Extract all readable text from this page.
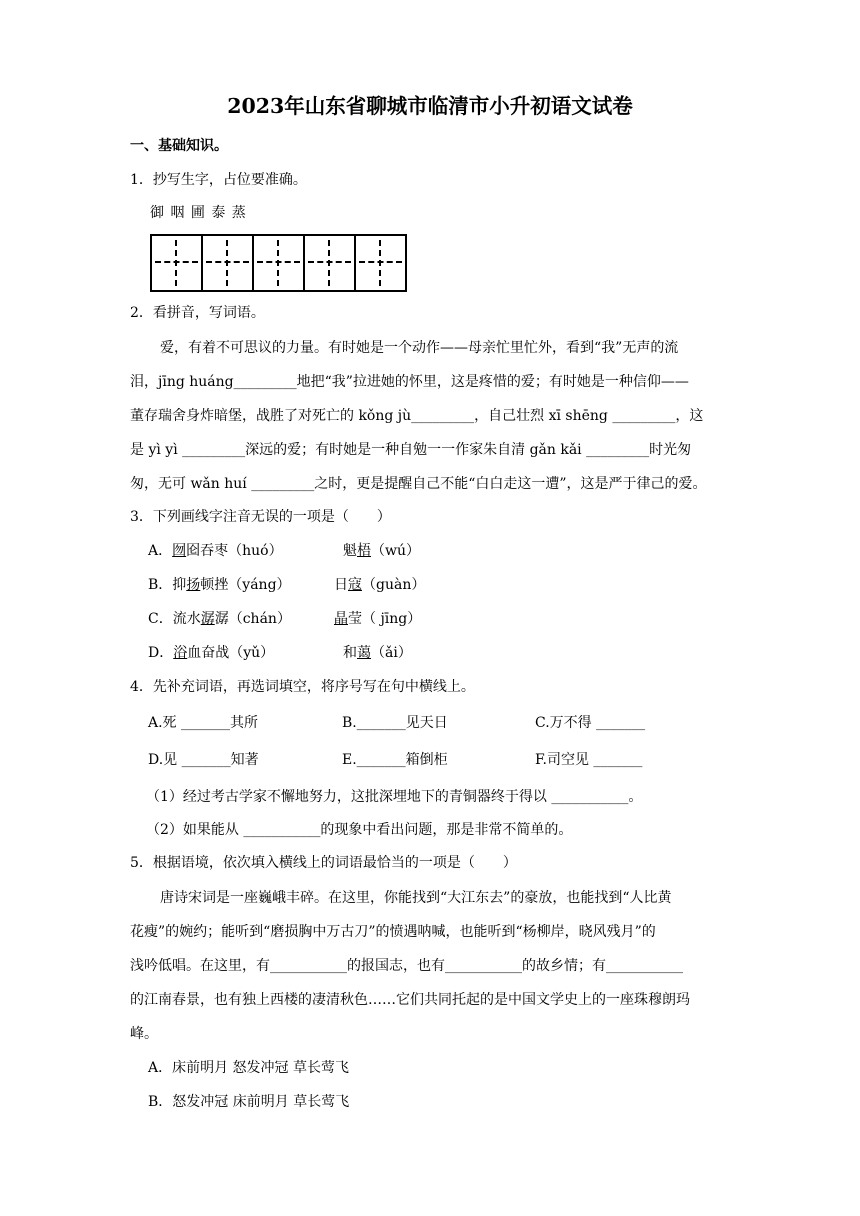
2023年山东省聊城市临清市小升初语文试卷
一、基础知识。
1．抄写生字，占位要准确。
御 咽 圃 泰 蒸

2．看拼音，写词语。
爱，有着不可思议的力量。有时她是一个动作——母亲忙里忙外，看到“我”无声的流
泪，jīng huáng_________地把“我”拉进她的怀里，这是疼惜的爱；有时她是一种信仰——
董存瑞舍身炸暗堡，战胜了对死亡的 kǒng jù_________，自己壮烈 xī shēng _________，这
是 yì yì _________深远的爱；有时她是一种自勉一一作家朱自清 gǎn kǎi _________时光匆
匆，无可 wǎn huí _________之时，更是提醒自己不能“白白走这一遭”，这是严于律己的爱。
3．下列画线字注音无误的一项是（　　）
A．囫囵吞枣（huó）	魁梧（wú）
B．抑扬顿挫（yáng）	日寇（guàn）
C．流水潺潺（chán）	晶莹（ jīng）
D．浴血奋战（yǔ）	和蔼（ǎi）
4．先补充词语，再选词填空，将序号写在句中横线上。
A.死 _______其所	B._______见天日	C.万不得 _______
D.见 _______知著	E._______箱倒柜	F.司空见 _______
（1）经过考古学家不懈地努力，这批深埋地下的青铜器终于得以 ___________。
（2）如果能从 ___________的现象中看出问题，那是非常不简单的。
5．根据语境，依次填入横线上的词语最恰当的一项是（　　）
唐诗宋词是一座巍峨丰碎。在这里，你能找到“大江东去”的豪放，也能找到“人比黄
花瘦”的婉约；能听到“磨损胸中万古刀”的愤遇呐喊，也能听到“杨柳岸，晓风残月”的
浅吟低唱。在这里，有___________的报国志，也有___________的故乡情；有___________
的江南春景，也有独上西楼的凄清秋色……它们共同托起的是中国文学史上的一座珠穆朗玛
峰。
A．床前明月 怒发冲冠 草长莺飞
B．怒发冲冠 床前明月 草长莺飞
